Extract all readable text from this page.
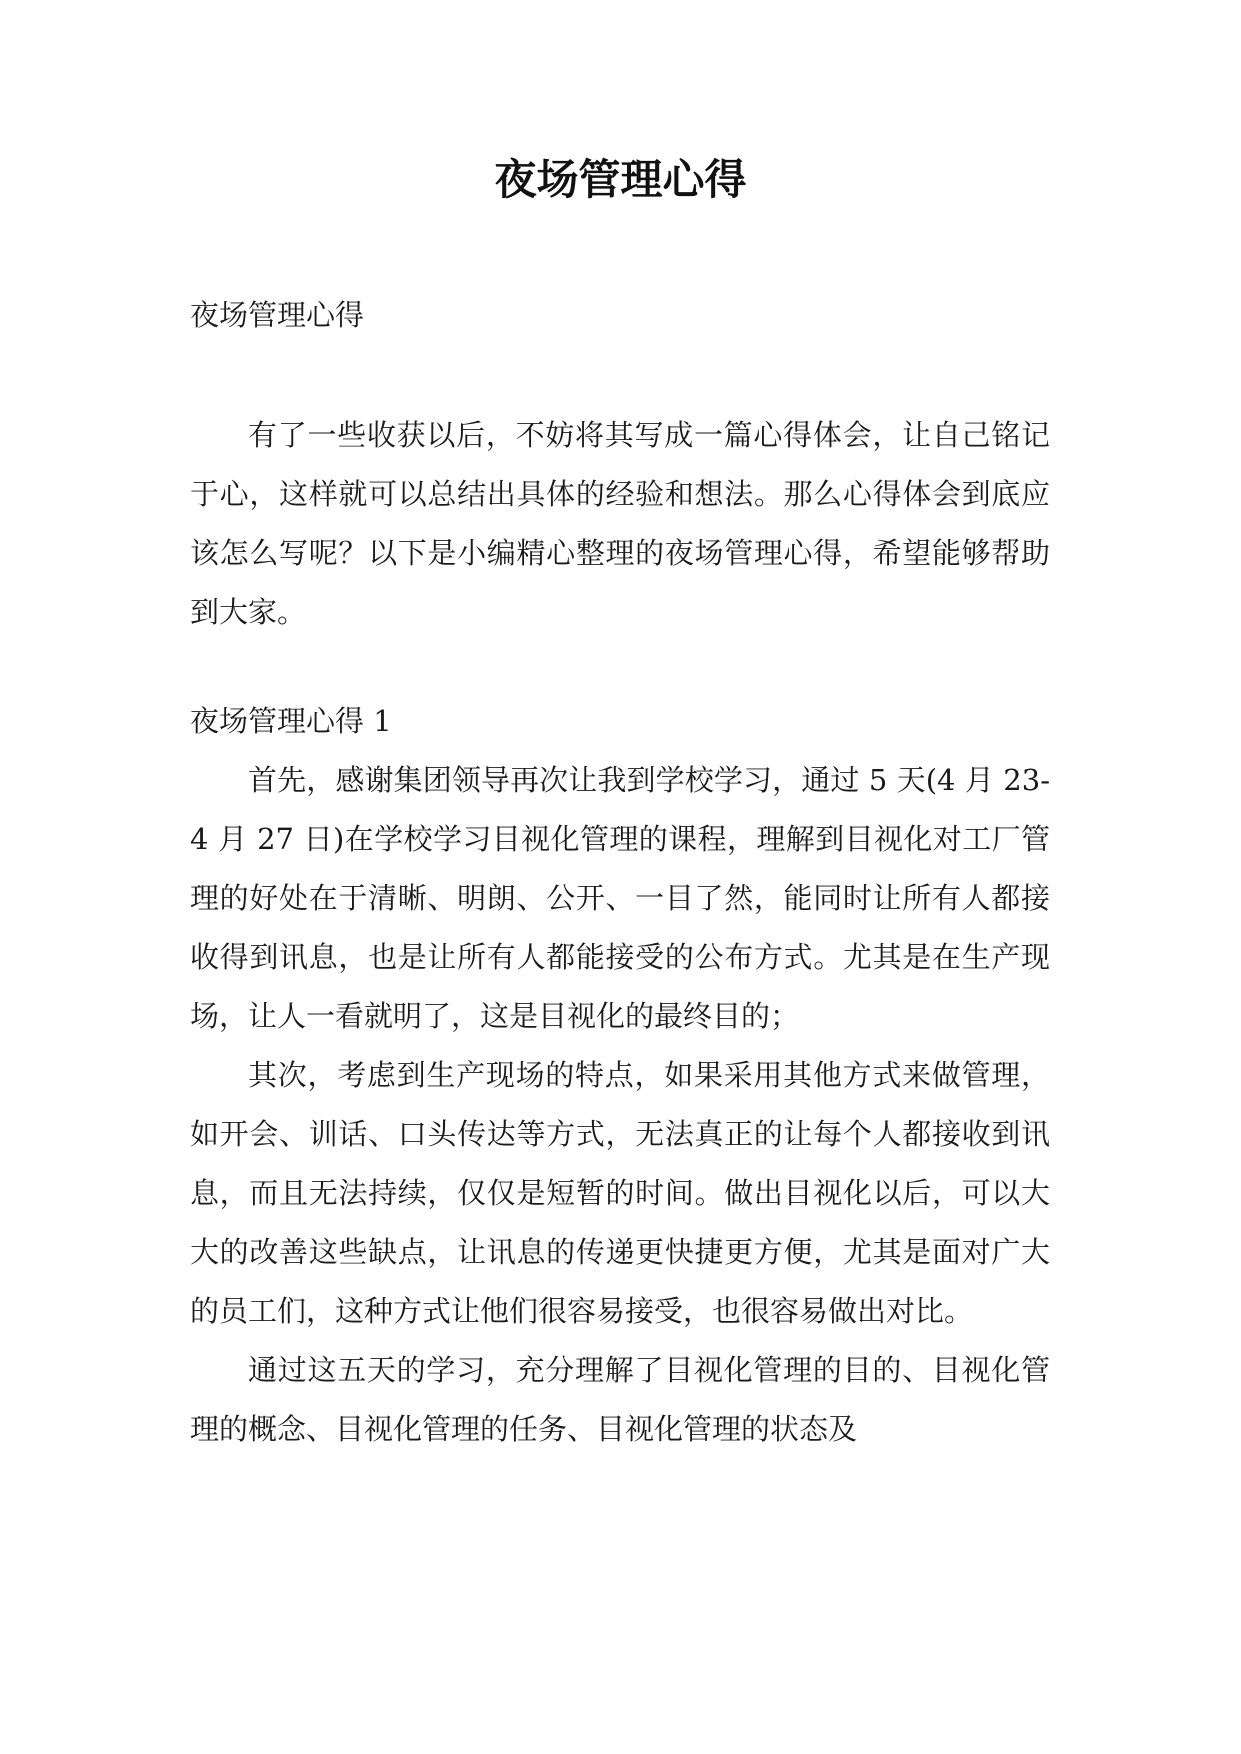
夜场管理心得
夜场管理心得

有了一些收获以后，不妨将其写成一篇心得体会，让自己铭记于心，这样就可以总结出具体的经验和想法。那么心得体会到底应该怎么写呢？以下是小编精心整理的夜场管理心得，希望能够帮助到大家。

夜场管理心得 1

首先，感谢集团领导再次让我到学校学习，通过 5 天(4 月 23-4 月 27 日)在学校学习目视化管理的课程，理解到目视化对工厂管理的好处在于清晰、明朗、公开、一目了然，能同时让所有人都接收得到讯息，也是让所有人都能接受的公布方式。尤其是在生产现场，让人一看就明了，这是目视化的最终目的；

其次，考虑到生产现场的特点，如果采用其他方式来做管理，如开会、训话、口头传达等方式，无法真正的让每个人都接收到讯息，而且无法持续，仅仅是短暂的时间。做出目视化以后，可以大大的改善这些缺点，让讯息的传递更快捷更方便，尤其是面对广大的员工们，这种方式让他们很容易接受，也很容易做出对比。

通过这五天的学习，充分理解了目视化管理的目的、目视化管理的概念、目视化管理的任务、目视化管理的状态及
